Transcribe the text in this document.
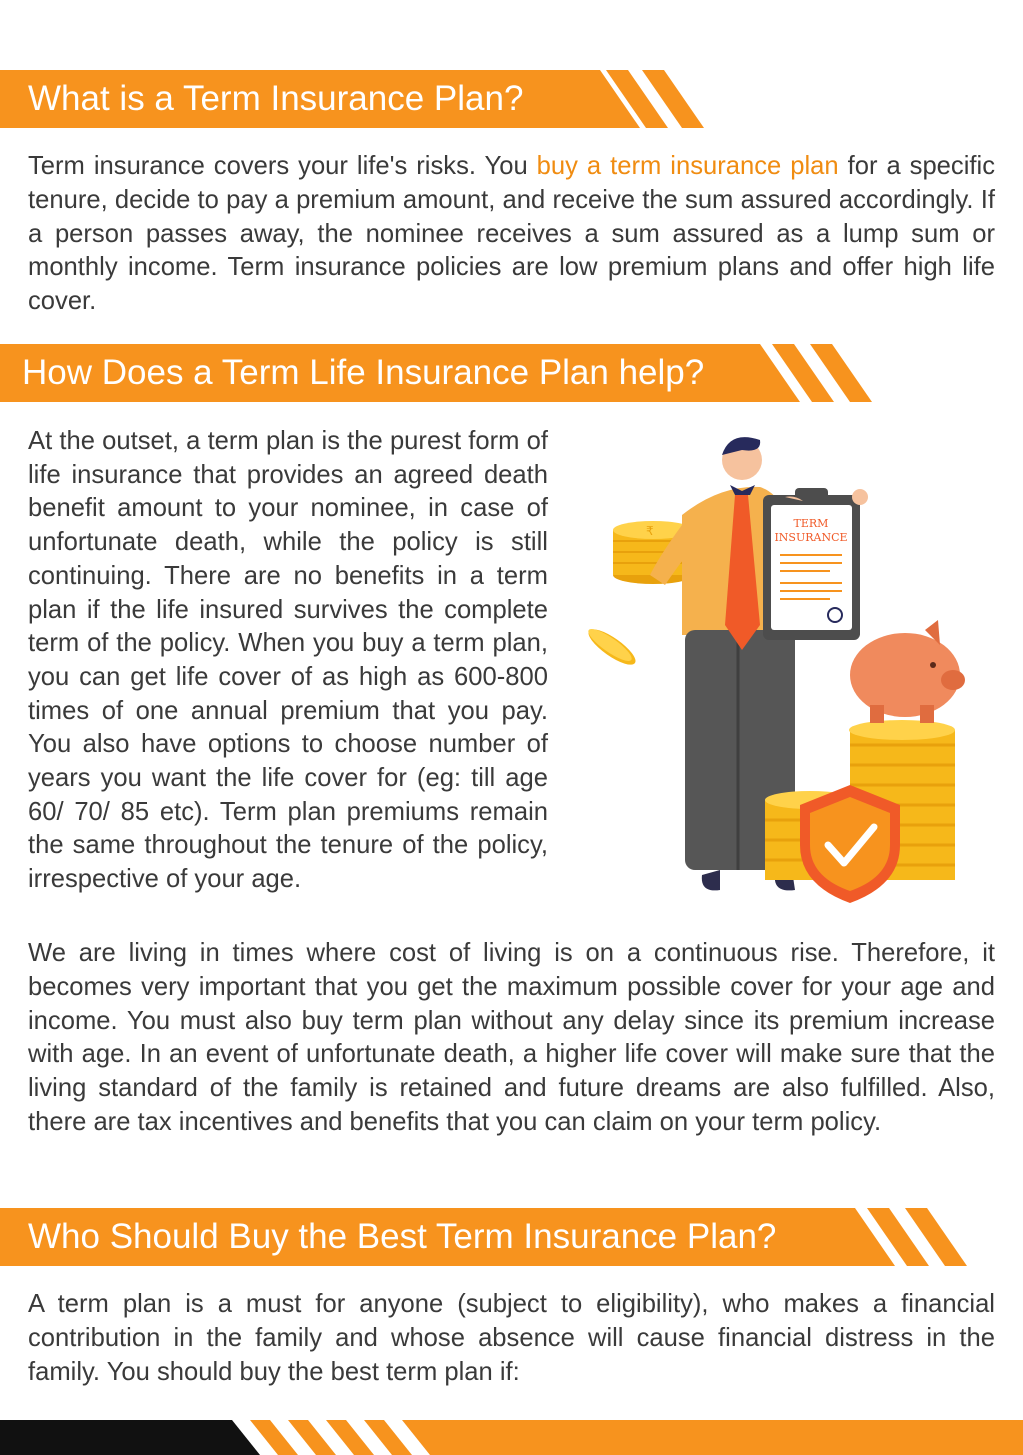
What is a Term Insurance Plan?

Term insurance covers your life's risks. You buy a term insurance plan for a specific tenure, decide to pay a premium amount, and receive the sum assured accordingly. If a person passes away, the nominee receives a sum assured as a lump sum or monthly income. Term insurance policies are low premium plans and offer high life cover.

How Does a Term Life Insurance Plan help?

At the outset, a term plan is the purest form of life insurance that provides an agreed death benefit amount to your nominee, in case of unfortunate death, while the policy is still continuing. There are no benefits in a term plan if the life insured survives the complete term of the policy. When you buy a term plan, you can get life cover of as high as 600-800 times of one annual premium that you pay. You also have options to choose number of years you want the life cover for (eg: till age 60/ 70/ 85 etc). Term plan premiums remain the same throughout the tenure of the policy, irrespective of your age.

₹
TERM
INSURANCE

We are living in times where cost of living is on a continuous rise. Therefore, it becomes very important that you get the maximum possible cover for your age and income. You must also buy term plan without any delay since its premium increase with age. In an event of unfortunate death, a higher life cover will make sure that the living standard of the family is retained and future dreams are also fulfilled. Also, there are tax incentives and benefits that you can claim on your term policy.

Who Should Buy the Best Term Insurance Plan?

A term plan is a must for anyone (subject to eligibility), who makes a financial contribution in the family and whose absence will cause financial distress in the family. You should buy the best term plan if:
